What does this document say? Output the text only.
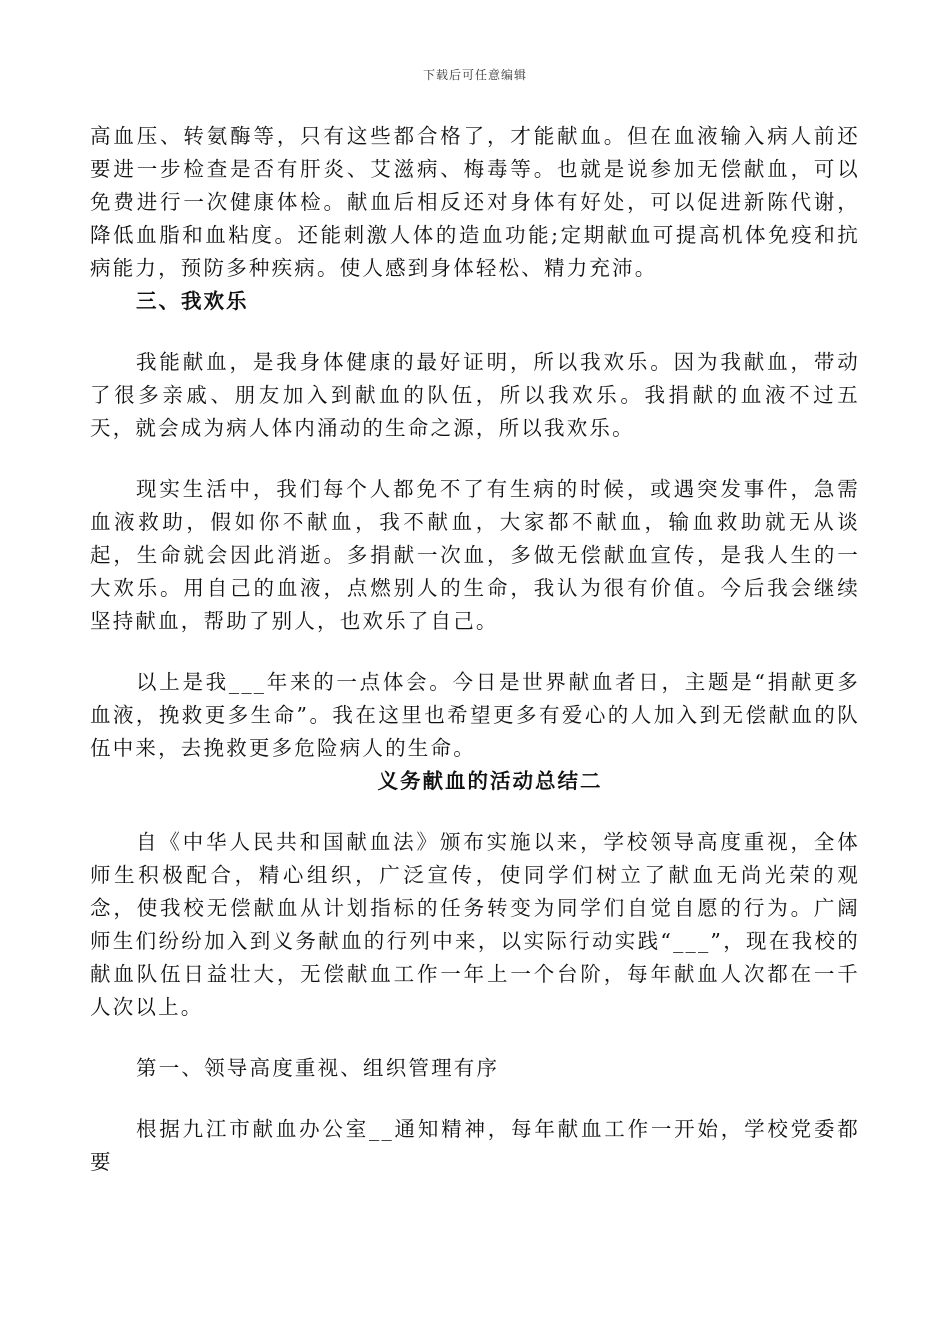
下载后可任意编辑

高血压、转氨酶等，只有这些都合格了，才能献血。但在血液输入病人前还要进一步检查是否有肝炎、艾滋病、梅毒等。也就是说参加无偿献血，可以免费进行一次健康体检。献血后相反还对身体有好处，可以促进新陈代谢，降低血脂和血粘度。还能刺激人体的造血功能;定期献血可提高机体免疫和抗病能力，预防多种疾病。使人感到身体轻松、精力充沛。

三、我欢乐

我能献血，是我身体健康的最好证明，所以我欢乐。因为我献血，带动了很多亲戚、朋友加入到献血的队伍，所以我欢乐。我捐献的血液不过五天，就会成为病人体内涌动的生命之源，所以我欢乐。

现实生活中，我们每个人都免不了有生病的时候，或遇突发事件，急需血液救助，假如你不献血，我不献血，大家都不献血，输血救助就无从谈起，生命就会因此消逝。多捐献一次血，多做无偿献血宣传，是我人生的一大欢乐。用自己的血液，点燃别人的生命，我认为很有价值。今后我会继续坚持献血，帮助了别人，也欢乐了自己。

以上是我___年来的一点体会。今日是世界献血者日，主题是“捐献更多血液，挽救更多生命”。我在这里也希望更多有爱心的人加入到无偿献血的队伍中来，去挽救更多危险病人的生命。

义务献血的活动总结二

自《中华人民共和国献血法》颁布实施以来，学校领导高度重视，全体师生积极配合，精心组织，广泛宣传，使同学们树立了献血无尚光荣的观念，使我校无偿献血从计划指标的任务转变为同学们自觉自愿的行为。广阔师生们纷纷加入到义务献血的行列中来，以实际行动实践“___”，现在我校的献血队伍日益壮大，无偿献血工作一年上一个台阶，每年献血人次都在一千人次以上。

第一、领导高度重视、组织管理有序

根据九江市献血办公室__通知精神，每年献血工作一开始，学校党委都要
